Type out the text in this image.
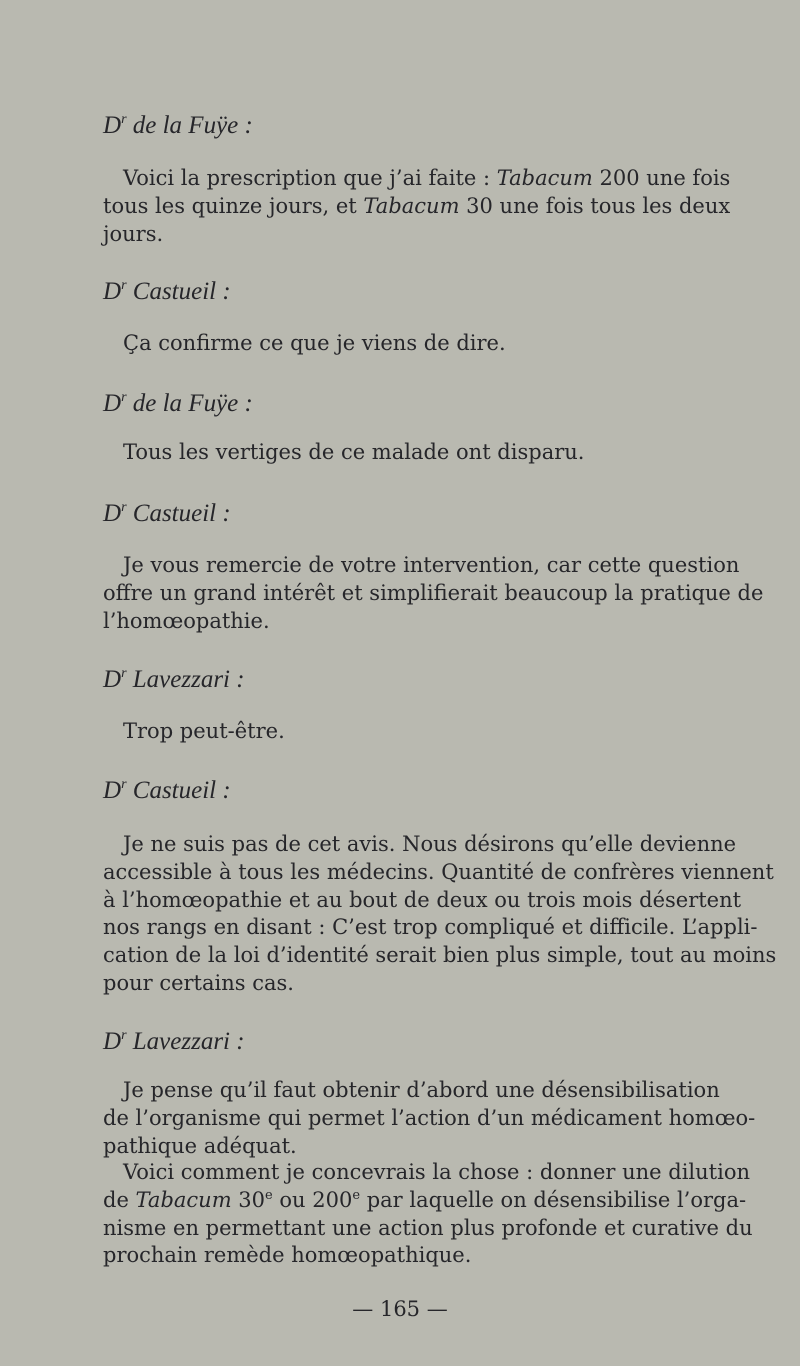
$D^r$ de la Fuÿe :
Voici la prescription que j’ai faite : Tabacum 200 une fois
tous les quinze jours, et Tabacum 30 une fois tous les deux
jours.
$D^r$ Castueil :
Ça confirme ce que je viens de dire.
$D^r$ de la Fuÿe :
Tous les vertiges de ce malade ont disparu.
$D^r$ Castueil :
Je vous remercie de votre intervention, car cette question
offre un grand intérêt et simplifierait beaucoup la pratique de
l’homœopathie.
$D^r$ Lavezzari :
Trop peut-être.
$D^r$ Castueil :
Je ne suis pas de cet avis. Nous désirons qu’elle devienne
accessible à tous les médecins. Quantité de confrères viennent
à l’homœopathie et au bout de deux ou trois mois désertent
nos rangs en disant : C’est trop compliqué et difficile. L’appli-
cation de la loi d’identité serait bien plus simple, tout au moins
pour certains cas.
$D^r$ Lavezzari :
Je pense qu’il faut obtenir d’abord une désensibilisation
de l’organisme qui permet l’action d’un médicament homœo-
pathique adéquat.
Voici comment je concevrais la chose : donner une dilution
de Tabacum 30e ou 200e par laquelle on désensibilise l’orga-
nisme en permettant une action plus profonde et curative du
prochain remède homœopathique.
— 165 —
